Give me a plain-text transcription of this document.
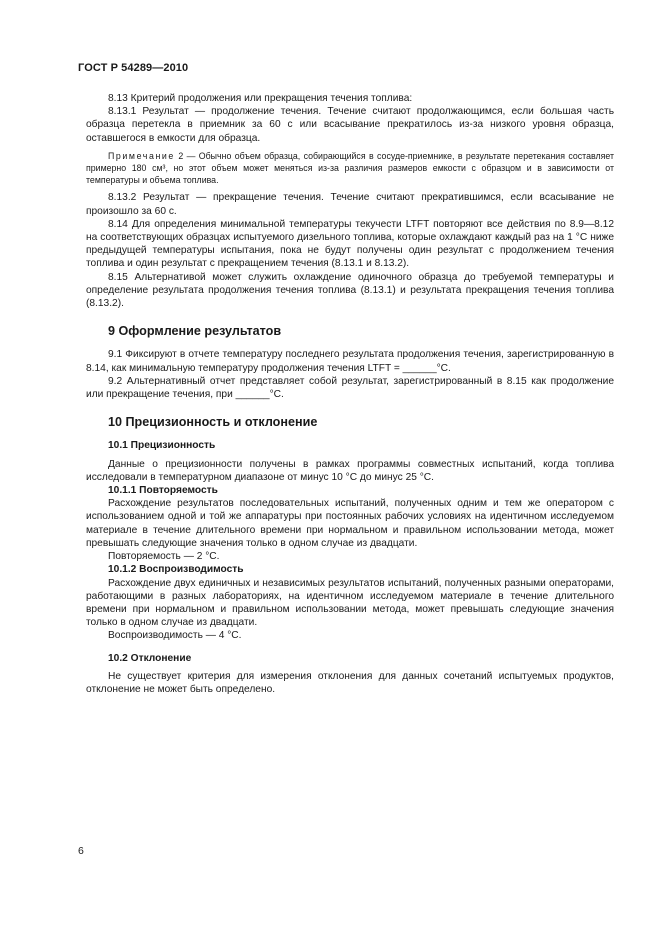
ГОСТ Р 54289—2010

8.13 Критерий продолжения или прекращения течения топлива:

8.13.1 Результат — продолжение течения. Течение считают продолжающимся, если большая часть образца перетекла в приемник за 60 с или всасывание прекратилось из-за низкого уровня образца, оставшегося в емкости для образца.

Примечание 2 — Обычно объем образца, собирающийся в сосуде-приемнике, в результате перетекания составляет примерно 180 см³, но этот объем может меняться из-за различия размеров емкости с образцом и в зависимости от температуры и объема топлива.

8.13.2 Результат — прекращение течения. Течение считают прекратившимся, если всасывание не произошло за 60 с.

8.14 Для определения минимальной температуры текучести LTFT повторяют все действия по 8.9—8.12 на соответствующих образцах испытуемого дизельного топлива, которые охлаждают каждый раз на 1 °С ниже предыдущей температуры испытания, пока не будут получены один результат с продолжением течения топлива и один результат с прекращением течения (8.13.1 и 8.13.2).

8.15 Альтернативой может служить охлаждение одиночного образца до требуемой температуры и определение результата продолжения течения топлива (8.13.1) и результата прекращения течения топлива (8.13.2).

9 Оформление результатов

9.1 Фиксируют в отчете температуру последнего результата продолжения течения, зарегистрированную в 8.14, как минимальную температуру продолжения течения LTFT = ______°С.

9.2 Альтернативный отчет представляет собой результат, зарегистрированный в 8.15 как продолжение или прекращение течения, при ______°С.

10 Прецизионность и отклонение
10.1 Прецизионность

Данные о прецизионности получены в рамках программы совместных испытаний, когда топлива исследовали в температурном диапазоне от минус 10 °С до минус 25 °С.

10.1.1 Повторяемость

Расхождение результатов последовательных испытаний, полученных одним и тем же оператором с использованием одной и той же аппаратуры при постоянных рабочих условиях на идентичном исследуемом материале в течение длительного времени при нормальном и правильном использовании метода, может превышать следующие значения только в одном случае из двадцати.

Повторяемость — 2 °С.

10.1.2 Воспроизводимость

Расхождение двух единичных и независимых результатов испытаний, полученных разными операторами, работающими в разных лабораториях, на идентичном исследуемом материале в течение длительного времени при нормальном и правильном использовании метода, может превышать следующие значения только в одном случае из двадцати.

Воспроизводимость — 4 °С.

10.2 Отклонение

Не существует критерия для измерения отклонения для данных сочетаний испытуемых продуктов, отклонение не может быть определено.

6
